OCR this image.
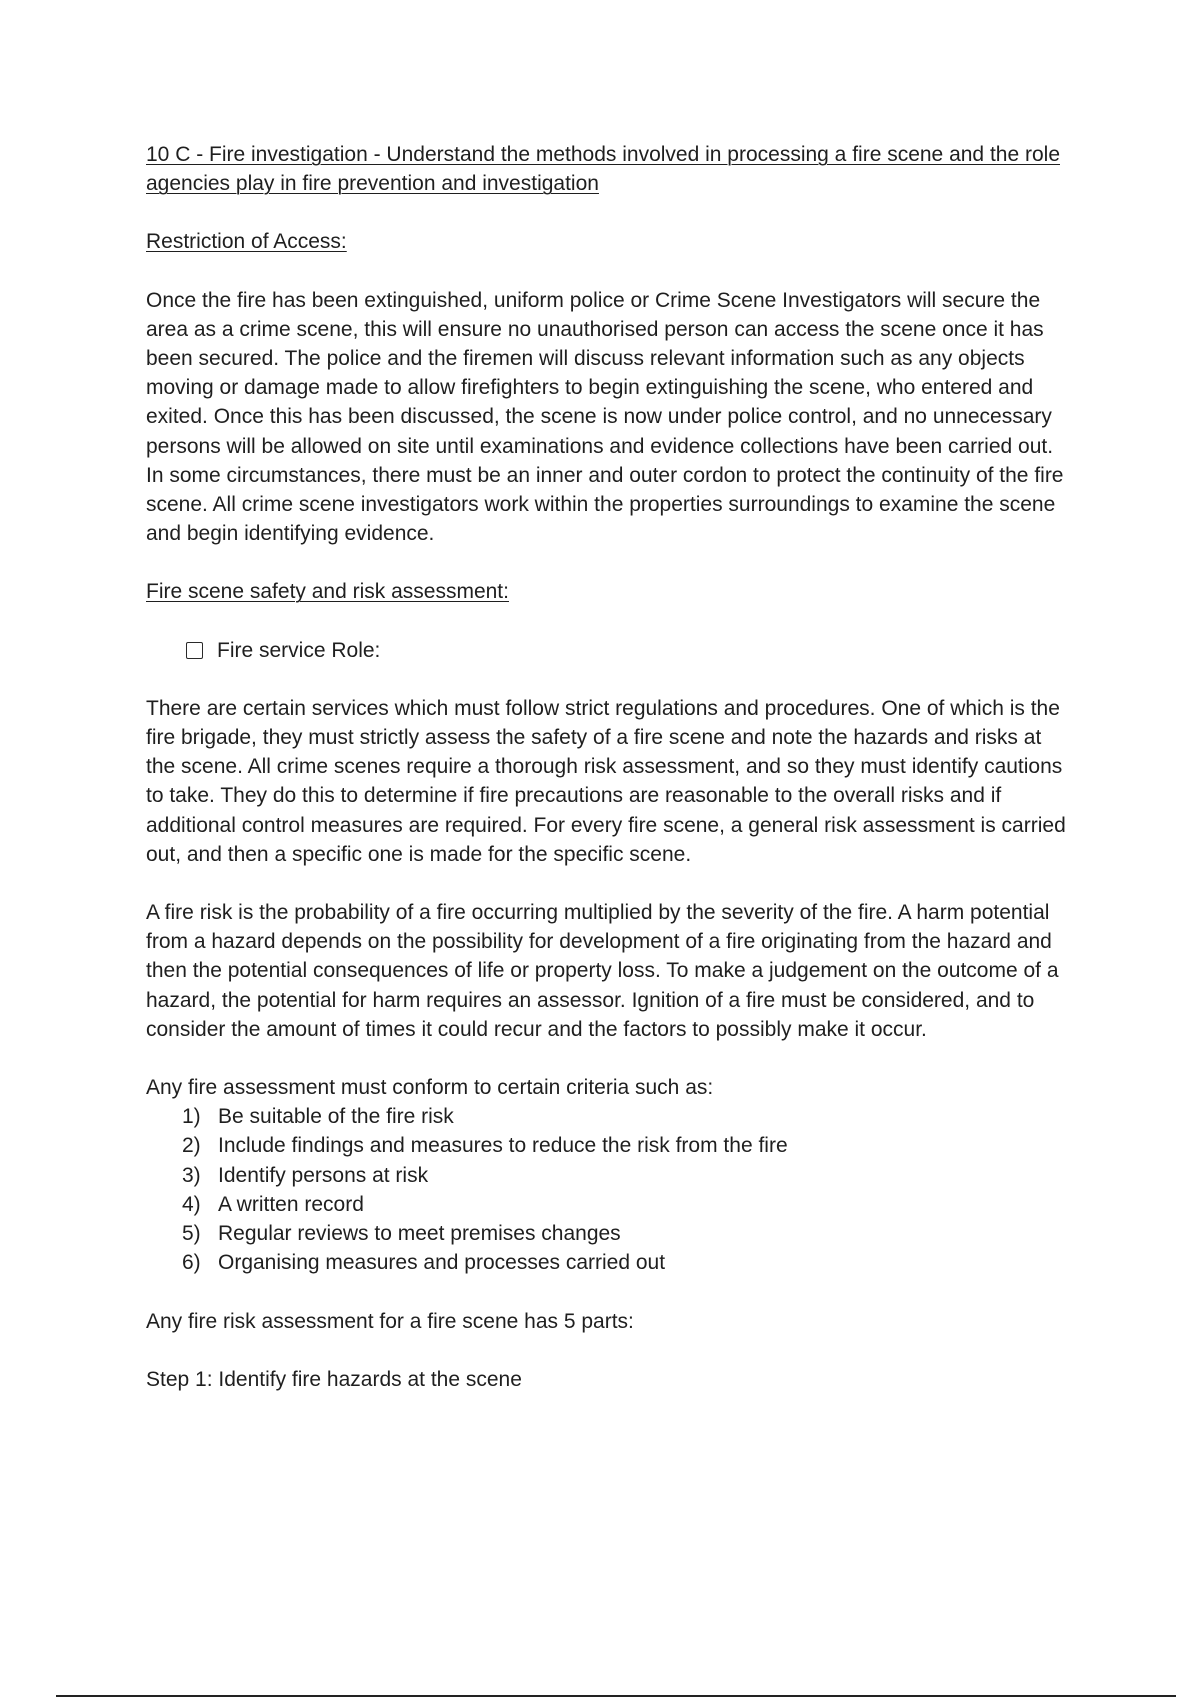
10 C - Fire investigation - Understand the methods involved in processing a fire scene and the role agencies play in fire prevention and investigation

Restriction of Access:

Once the fire has been extinguished, uniform police or Crime Scene Investigators will secure the area as a crime scene, this will ensure no unauthorised person can access the scene once it has been secured. The police and the firemen will discuss relevant information such as any objects moving or damage made to allow firefighters to begin extinguishing the scene, who entered and exited. Once this has been discussed, the scene is now under police control, and no unnecessary persons will be allowed on site until examinations and evidence collections have been carried out. In some circumstances, there must be an inner and outer cordon to protect the continuity of the fire scene. All crime scene investigators work within the properties surroundings to examine the scene and begin identifying evidence.

Fire scene safety and risk assessment:

Fire service Role:

There are certain services which must follow strict regulations and procedures. One of which is the fire brigade, they must strictly assess the safety of a fire scene and note the hazards and risks at the scene. All crime scenes require a thorough risk assessment, and so they must identify cautions to take. They do this to determine if fire precautions are reasonable to the overall risks and if additional control measures are required. For every fire scene, a general risk assessment is carried out, and then a specific one is made for the specific scene.

A fire risk is the probability of a fire occurring multiplied by the severity of the fire. A harm potential from a hazard depends on the possibility for development of a fire originating from the hazard and then the potential consequences of life or property loss. To make a judgement on the outcome of a hazard, the potential for harm requires an assessor. Ignition of a fire must be considered, and to consider the amount of times it could recur and the factors to possibly make it occur.

Any fire assessment must conform to certain criteria such as:

1) Be suitable of the fire risk
2) Include findings and measures to reduce the risk from the fire
3) Identify persons at risk
4) A written record
5) Regular reviews to meet premises changes
6) Organising measures and processes carried out

Any fire risk assessment for a fire scene has 5 parts:

Step 1: Identify fire hazards at the scene
